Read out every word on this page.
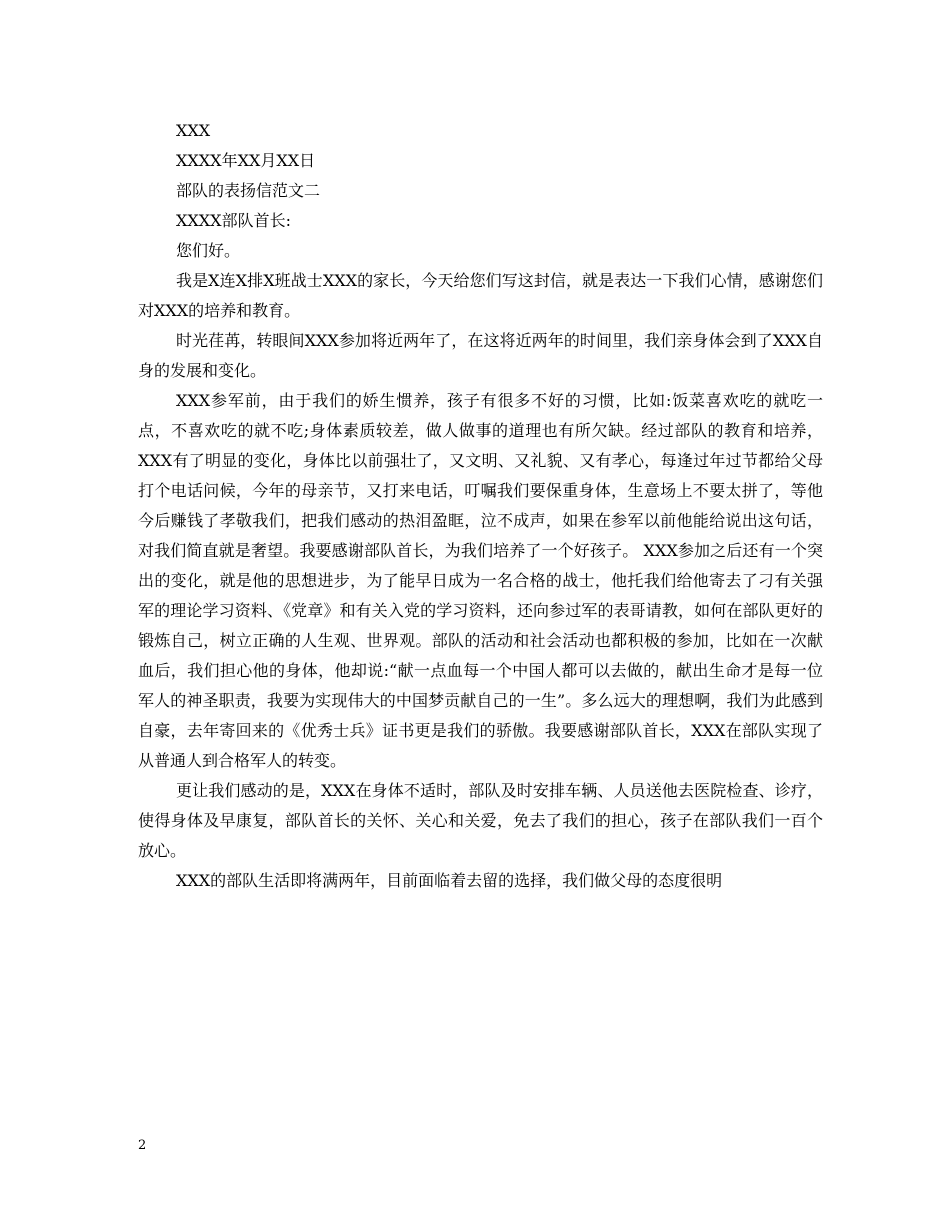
XXX

XXXX年XX月XX日

部队的表扬信范文二

XXXX部队首长:

您们好。

我是X连X排X班战士XXX的家长，今天给您们写这封信，就是表达一下我们心情，感谢您们对XXX的培养和教育。

时光荏苒，转眼间XXX参加将近两年了，在这将近两年的时间里，我们亲身体会到了XXX自身的发展和变化。

XXX参军前，由于我们的娇生惯养，孩子有很多不好的习惯，比如:饭菜喜欢吃的就吃一点，不喜欢吃的就不吃;身体素质较差，做人做事的道理也有所欠缺。经过部队的教育和培养，XXX有了明显的变化，身体比以前强壮了，又文明、又礼貌、又有孝心，每逢过年过节都给父母打个电话问候，今年的母亲节，又打来电话，叮嘱我们要保重身体，生意场上不要太拼了，等他今后赚钱了孝敬我们，把我们感动的热泪盈眶，泣不成声，如果在参军以前他能给说出这句话，对我们简直就是奢望。我要感谢部队首长，为我们培养了一个好孩子。 XXX参加之后还有一个突出的变化，就是他的思想进步，为了能早日成为一名合格的战士，他托我们给他寄去了刁有关强军的理论学习资料、《党章》和有关入党的学习资料，还向参过军的表哥请教，如何在部队更好的锻炼自己，树立正确的人生观、世界观。部队的活动和社会活动也都积极的参加，比如在一次献血后，我们担心他的身体，他却说:“献一点血每一个中国人都可以去做的，献出生命才是每一位军人的神圣职责，我要为实现伟大的中国梦贡献自己的一生”。多么远大的理想啊，我们为此感到自豪，去年寄回来的《优秀士兵》证书更是我们的骄傲。我要感谢部队首长，XXX在部队实现了从普通人到合格军人的转变。

更让我们感动的是，XXX在身体不适时，部队及时安排车辆、人员送他去医院检查、诊疗，使得身体及早康复，部队首长的关怀、关心和关爱，免去了我们的担心，孩子在部队我们一百个放心。

XXX的部队生活即将满两年，目前面临着去留的选择，我们做父母的态度很明

2
